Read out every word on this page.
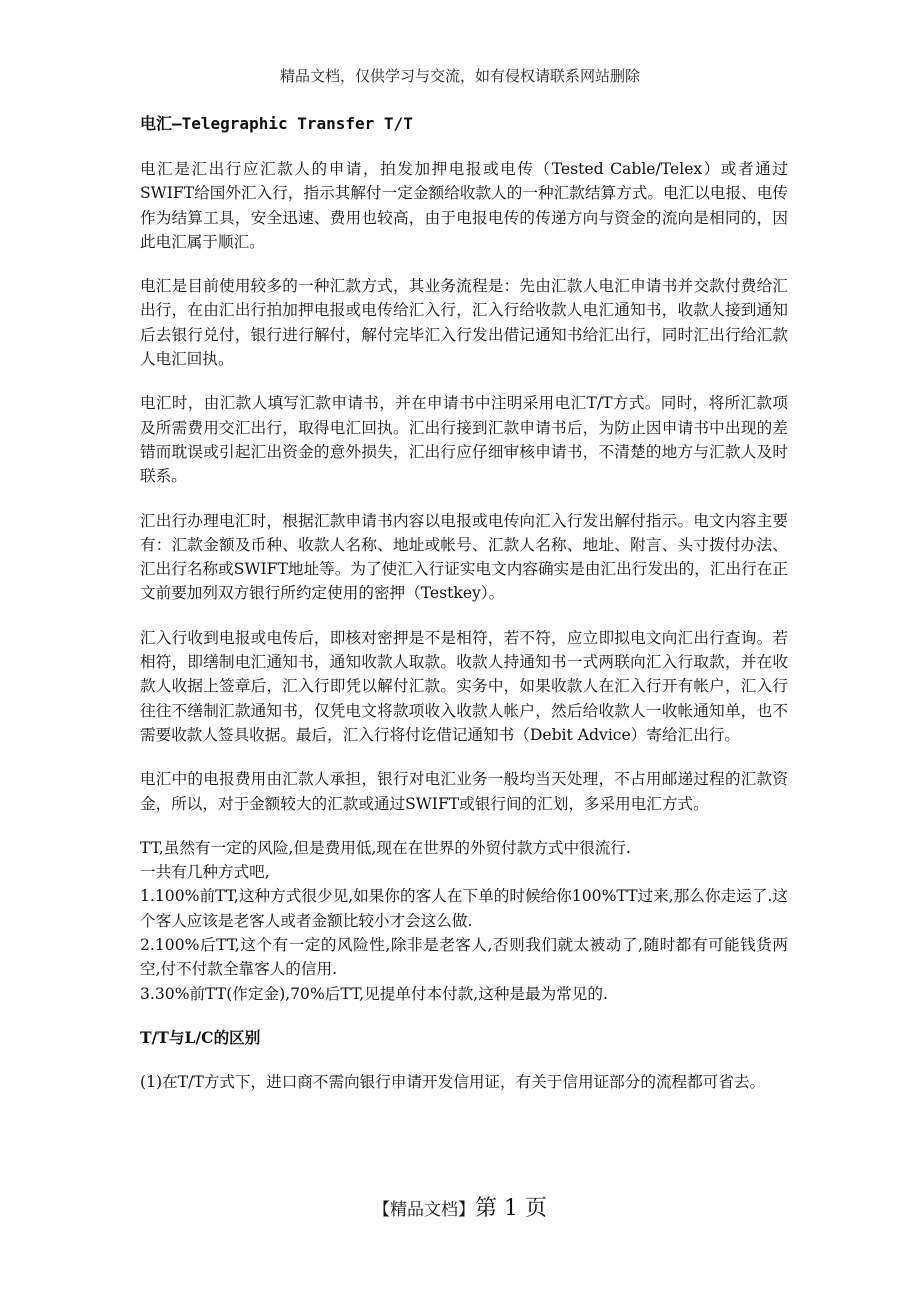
精品文档，仅供学习与交流，如有侵权请联系网站删除
电汇—Telegraphic Transfer T/T

电汇是汇出行应汇款人的申请，拍发加押电报或电传（Tested Cable/Telex）或者通过SWIFT给国外汇入行，指示其解付一定金额给收款人的一种汇款结算方式。电汇以电报、电传作为结算工具，安全迅速、费用也较高，由于电报电传的传递方向与资金的流向是相同的，因此电汇属于顺汇。

电汇是目前使用较多的一种汇款方式，其业务流程是：先由汇款人电汇申请书并交款付费给汇出行，在由汇出行拍加押电报或电传给汇入行，汇入行给收款人电汇通知书，收款人接到通知后去银行兑付，银行进行解付，解付完毕汇入行发出借记通知书给汇出行，同时汇出行给汇款人电汇回执。

电汇时，由汇款人填写汇款申请书，并在申请书中注明采用电汇T/T方式。同时，将所汇款项及所需费用交汇出行，取得电汇回执。汇出行接到汇款申请书后，为防止因申请书中出现的差错而耽误或引起汇出资金的意外损失，汇出行应仔细审核申请书，不清楚的地方与汇款人及时联系。

汇出行办理电汇时，根据汇款申请书内容以电报或电传向汇入行发出解付指示。电文内容主要有：汇款金额及币种、收款人名称、地址或帐号、汇款人名称、地址、附言、头寸拨付办法、汇出行名称或SWIFT地址等。为了使汇入行证实电文内容确实是由汇出行发出的，汇出行在正文前要加列双方银行所约定使用的密押（Testkey）。

汇入行收到电报或电传后，即核对密押是不是相符，若不符，应立即拟电文向汇出行查询。若相符，即缮制电汇通知书，通知收款人取款。收款人持通知书一式两联向汇入行取款，并在收款人收据上签章后，汇入行即凭以解付汇款。实务中，如果收款人在汇入行开有帐户，汇入行往往不缮制汇款通知书，仅凭电文将款项收入收款人帐户，然后给收款人一收帐通知单，也不需要收款人签具收据。最后，汇入行将付讫借记通知书（Debit Advice）寄给汇出行。

电汇中的电报费用由汇款人承担，银行对电汇业务一般均当天处理，不占用邮递过程的汇款资金，所以，对于金额较大的汇款或通过SWIFT或银行间的汇划，多采用电汇方式。

TT,虽然有一定的风险,但是费用低,现在在世界的外贸付款方式中很流行.

一共有几种方式吧,

1.100%前TT,这种方式很少见,如果你的客人在下单的时候给你100%TT过来,那么你走运了.这个客人应该是老客人或者金额比较小才会这么做.

2.100%后TT,这个有一定的风险性,除非是老客人,否则我们就太被动了,随时都有可能钱货两空,付不付款全靠客人的信用.

3.30%前TT(作定金),70%后TT,见提单付本付款,这种是最为常见的.

T/T与L/C的区别

(1)在T/T方式下，进口商不需向银行申请开发信用证，有关于信用证部分的流程都可省去。

【精品文档】第 1 页
